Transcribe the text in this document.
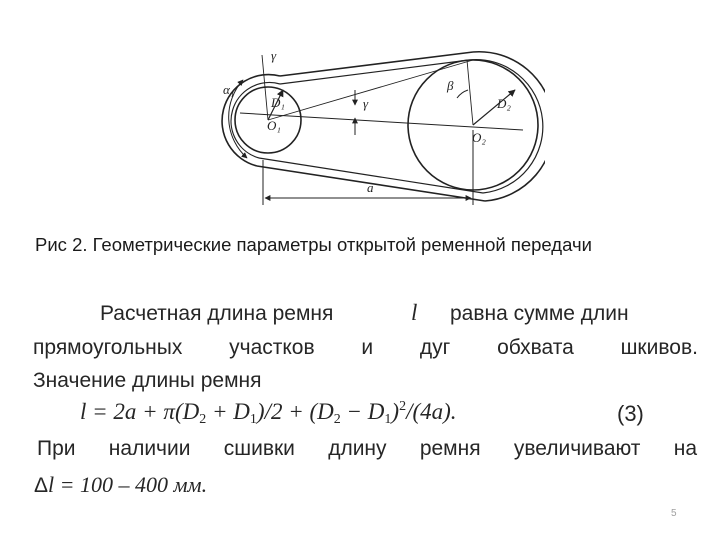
α₁
γ
D₁
O₁
γ
β
D₂
O₂
a
Рис 2. Геометрические параметры открытой ременной передачи
Расчетная длина ремня	l равна сумме длин
прямоугольных участков и дуг обхвата шкивов.
Значение длины ремня
$l = 2a + \pi(D_2 + D_1)/2 + (D_2 - D_1)^2/(4a)$.	(3)
При наличии сшивки длину ремня увеличивают на
Δl = 100 – 400 мм.
5
